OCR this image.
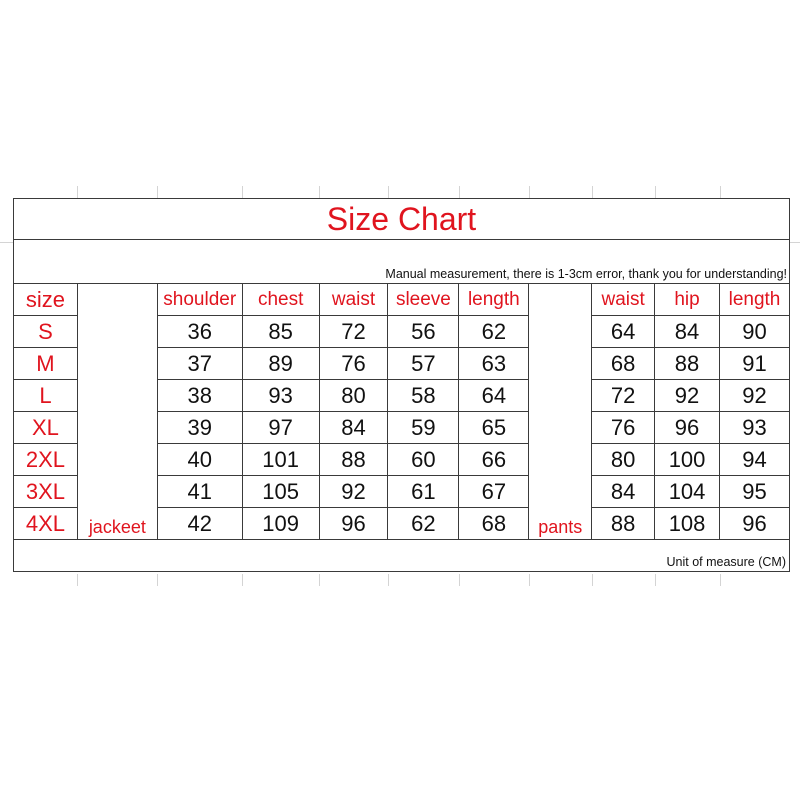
Size Chart
Manual measurement, there is 1-3cm error, thank you for understanding!
size	jackeet	shoulder	chest	waist	sleeve	length	pants	waist	hip	length
S		36	85	72	56	62		64	84	90
M		37	89	76	57	63		68	88	91
L		38	93	80	58	64		72	92	92
XL		39	97	84	59	65		76	96	93
2XL		40	101	88	60	66		80	100	94
3XL		41	105	92	61	67		84	104	95
4XL		42	109	96	62	68		88	108	96
Unit of measure (CM)
